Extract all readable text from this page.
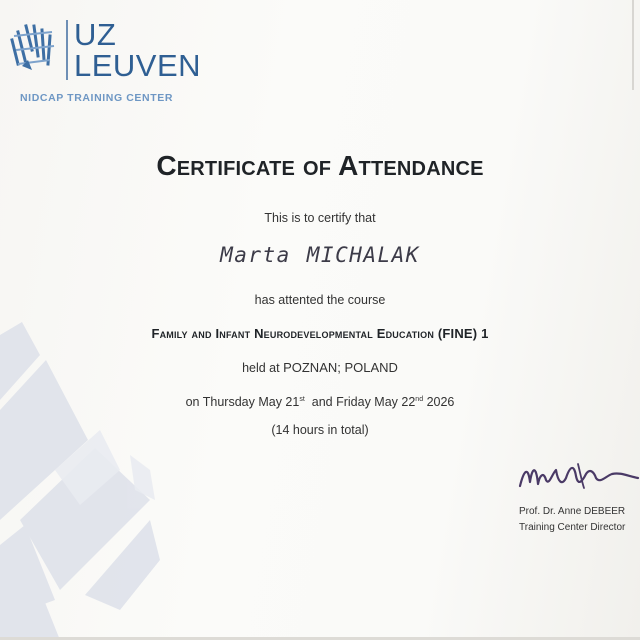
UZ
LEUVEN
NIDCAP TRAINING CENTER
Certificate of Attendance
This is to certify that
Marta MICHALAK
has attented the course
Family and Infant Neurodevelopmental Education (FINE) 1
held at POZNAN; POLAND
on Thursday May 21st and Friday May 22nd 2026
(14 hours in total)
Prof. Dr. Anne DEBEER
Training Center Director
